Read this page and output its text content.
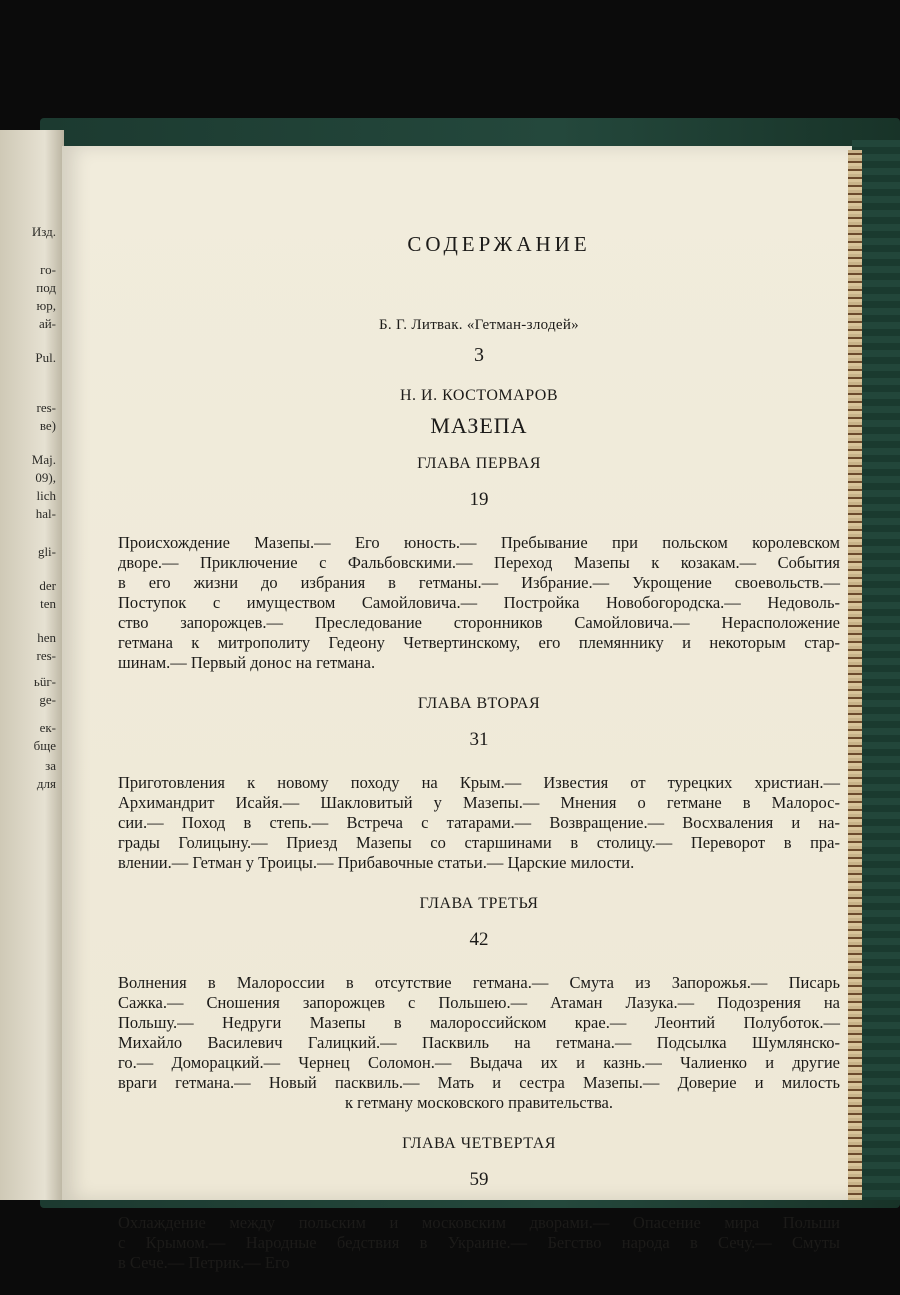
Изд.
го-
под
юр,
ай-
Pul.
res-
ве)
Maj.
09),
lich
hal-
gli-
der
ten
hen
res-
ьüг-
ge-
ек-
бще
за
для
СОДЕРЖАНИЕ
Б. Г. Литвак. «Гетман-злодей»
3
Н. И. КОСТОМАРОВ
МАЗЕПА
ГЛАВА ПЕРВАЯ
19
Происхождение Мазепы.— Его юность.— Пребывание при польском королевском
дворе.— Приключение с Фальбовскими.— Переход Мазепы к козакам.— События
в его жизни до избрания в гетманы.— Избрание.— Укрощение своевольств.—
Поступок с имуществом Самойловича.— Постройка Новобогородска.— Недоволь-
ство запорожцев.— Преследование сторонников Самойловича.— Нерасположение
гетмана к митрополиту Гедеону Четвертинскому, его племяннику и некоторым стар-
шинам.— Первый донос на гетмана.
ГЛАВА ВТОРАЯ
31
Приготовления к новому походу на Крым.— Известия от турецких христиан.—
Архимандрит Исайя.— Шакловитый у Мазепы.— Мнения о гетмане в Малорос-
сии.— Поход в степь.— Встреча с татарами.— Возвращение.— Восхваления и на-
грады Голицыну.— Приезд Мазепы со старшинами в столицу.— Переворот в пра-
влении.— Гетман у Троицы.— Прибавочные статьи.— Царские милости.
ГЛАВА ТРЕТЬЯ
42
Волнения в Малороссии в отсутствие гетмана.— Смута из Запорожья.— Писарь
Сажка.— Сношения запорожцев с Польшею.— Атаман Лазука.— Подозрения на
Польшу.— Недруги Мазепы в малороссийском крае.— Леонтий Полуботок.—
Михайло Василевич Галицкий.— Пасквиль на гетмана.— Подсылка Шумлянско-
го.— Доморацкий.— Чернец Соломон.— Выдача их и казнь.— Чалиенко и другие
враги гетмана.— Новый пасквиль.— Мать и сестра Мазепы.— Доверие и милость
к гетману московского правительства.
ГЛАВА ЧЕТВЕРТАЯ
59
Охлаждение между польским и московским дворами.— Опасение мира Польши
с Крымом.— Народные бедствия в Украине.— Бегство народа в Сечу.— Смуты
в Сече.— Петрик.— Его
